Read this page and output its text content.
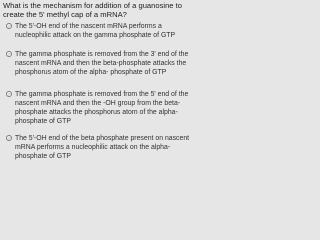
What is the mechanism for addition of a guanosine to create the 5' methyl cap of a mRNA?
The 5'-OH end of the nascent mRNA performs a nucleophilic attack on the gamma phosphate of GTP
The gamma phosphate is removed from the 3' end of the nascent mRNA and then the beta-phosphate attacks the phosphorus atom of the alpha- phosphate of GTP
The gamma phosphate is removed from the 5' end of the nascent mRNA and then the -OH group from the beta-phosphate attacks the phosphorus atom of the alpha- phosphate of GTP
The 5'-OH end of the beta phosphate present on nascent mRNA performs a nucleophilic attack on the alpha-phosphate of GTP
